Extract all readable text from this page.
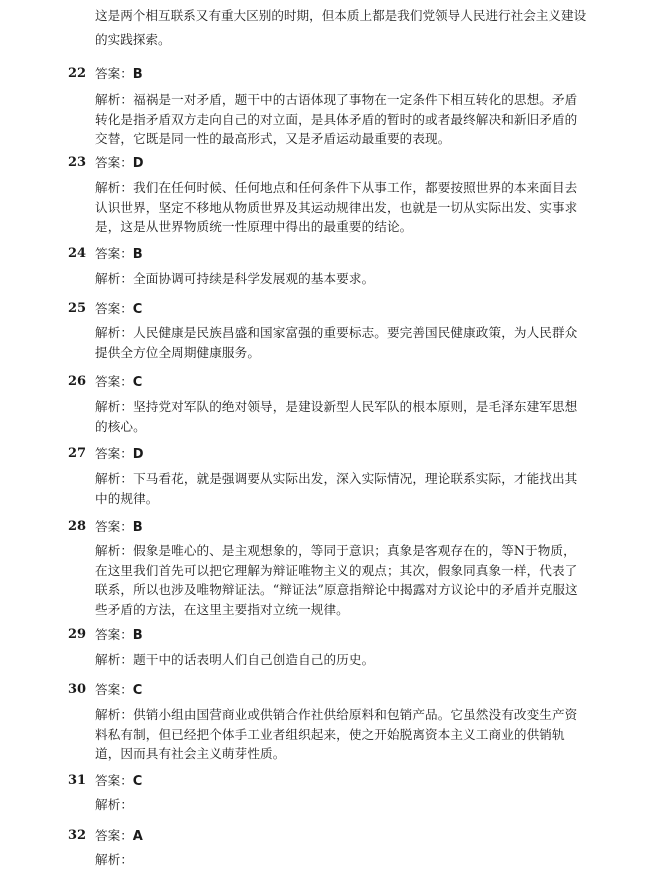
这是两个相互联系又有重大区别的时期，但本质上都是我们党领导人民进行社会主义建设的实践探索。
22 答案：B
解析：福祸是一对矛盾，题干中的古语体现了事物在一定条件下相互转化的思想。矛盾转化是指矛盾双方走向自己的对立面，是具体矛盾的暂时的或者最终解决和新旧矛盾的交替，它既是同一性的最高形式，又是矛盾运动最重要的表现。
23 答案：D
解析：我们在任何时候、任何地点和任何条件下从事工作，都要按照世界的本来面目去认识世界，坚定不移地从物质世界及其运动规律出发，也就是一切从实际出发、实事求是，这是从世界物质统一性原理中得出的最重要的结论。
24 答案：B
解析：全面协调可持续是科学发展观的基本要求。
25 答案：C
解析：人民健康是民族昌盛和国家富强的重要标志。要完善国民健康政策，为人民群众提供全方位全周期健康服务。
26 答案：C
解析：坚持党对军队的绝对领导，是建设新型人民军队的根本原则，是毛泽东建军思想的核心。
27 答案：D
解析：下马看花，就是强调要从实际出发，深入实际情况，理论联系实际，才能找出其中的规律。
28 答案：B
解析：假象是唯心的、是主观想象的，等同于意识；真象是客观存在的，等N于物质，在这里我们首先可以把它理解为辩证唯物主义的观点；其次，假象同真象一样，代表了联系，所以也涉及唯物辩证法。“辩证法”原意指辩论中揭露对方议论中的矛盾并克服这些矛盾的方法，在这里主要指对立统一规律。
29 答案：B
解析：题干中的话表明人们自己创造自己的历史。
30 答案：C
解析：供销小组由国营商业或供销合作社供给原料和包销产品。它虽然没有改变生产资料私有制，但已经把个体手工业者组织起来，使之开始脱离资本主义工商业的供销轨道，因而具有社会主义萌芽性质。
31 答案：C
解析：
32 答案：A
解析：
